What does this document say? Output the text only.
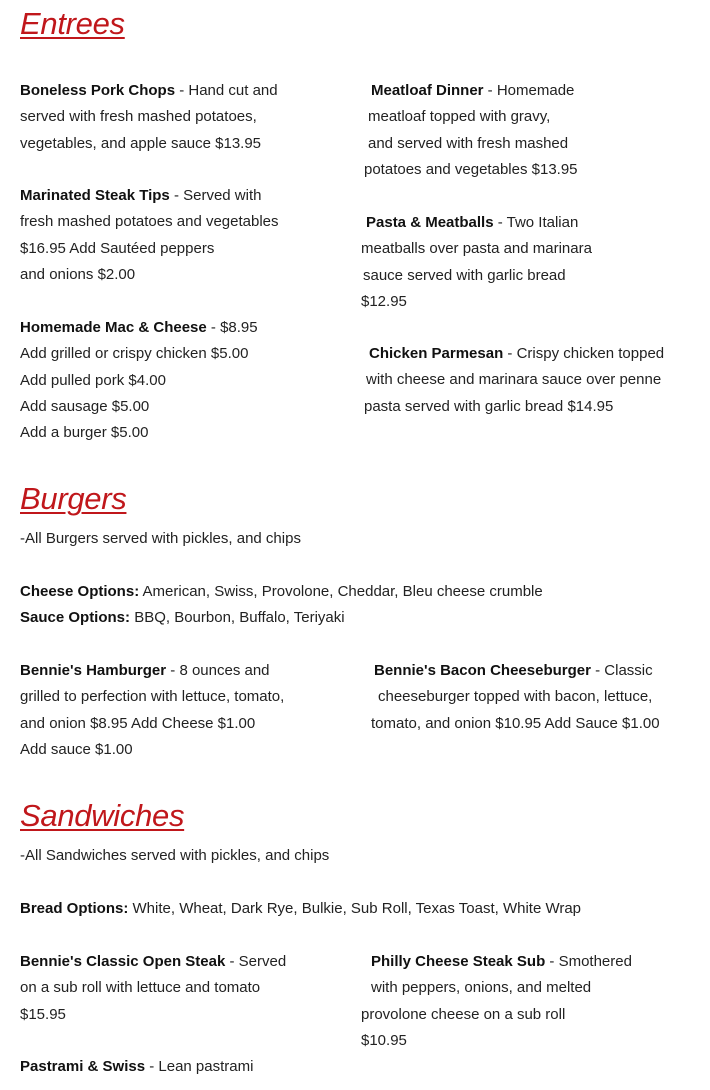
Entrees
Boneless Pork Chops - Hand cut and
served with fresh mashed potatoes,
vegetables, and apple sauce $13.95
Marinated Steak Tips - Served with
fresh mashed potatoes and vegetables
$16.95 Add Sautéed peppers
and onions $2.00
Homemade Mac & Cheese - $8.95
Add grilled or crispy chicken $5.00
Add pulled pork $4.00
Add sausage $5.00
Add a burger $5.00
Meatloaf Dinner - Homemade
meatloaf topped with gravy,
and served with fresh mashed
potatoes and vegetables $13.95
Pasta & Meatballs - Two Italian
meatballs over pasta and marinara
sauce served with garlic bread
$12.95
Chicken Parmesan - Crispy chicken topped
with cheese and marinara sauce over penne
pasta served with garlic bread $14.95
Burgers
-All Burgers served with pickles, and chips
Cheese Options: American, Swiss, Provolone, Cheddar, Bleu cheese crumble
Sauce Options: BBQ, Bourbon, Buffalo, Teriyaki
Bennie's Hamburger - 8 ounces and
grilled to perfection with lettuce, tomato,
and onion $8.95 Add Cheese $1.00
Add sauce $1.00
Bennie's Bacon Cheeseburger - Classic
cheeseburger topped with bacon, lettuce,
tomato, and onion $10.95 Add Sauce $1.00
Sandwiches
-All Sandwiches served with pickles, and chips
Bread Options: White, Wheat, Dark Rye, Bulkie, Sub Roll, Texas Toast, White Wrap
Bennie's Classic Open Steak - Served
on a sub roll with lettuce and tomato
$15.95
Philly Cheese Steak Sub - Smothered
with peppers, onions, and melted
provolone cheese on a sub roll
$10.95
Pastrami & Swiss - Lean pastrami
